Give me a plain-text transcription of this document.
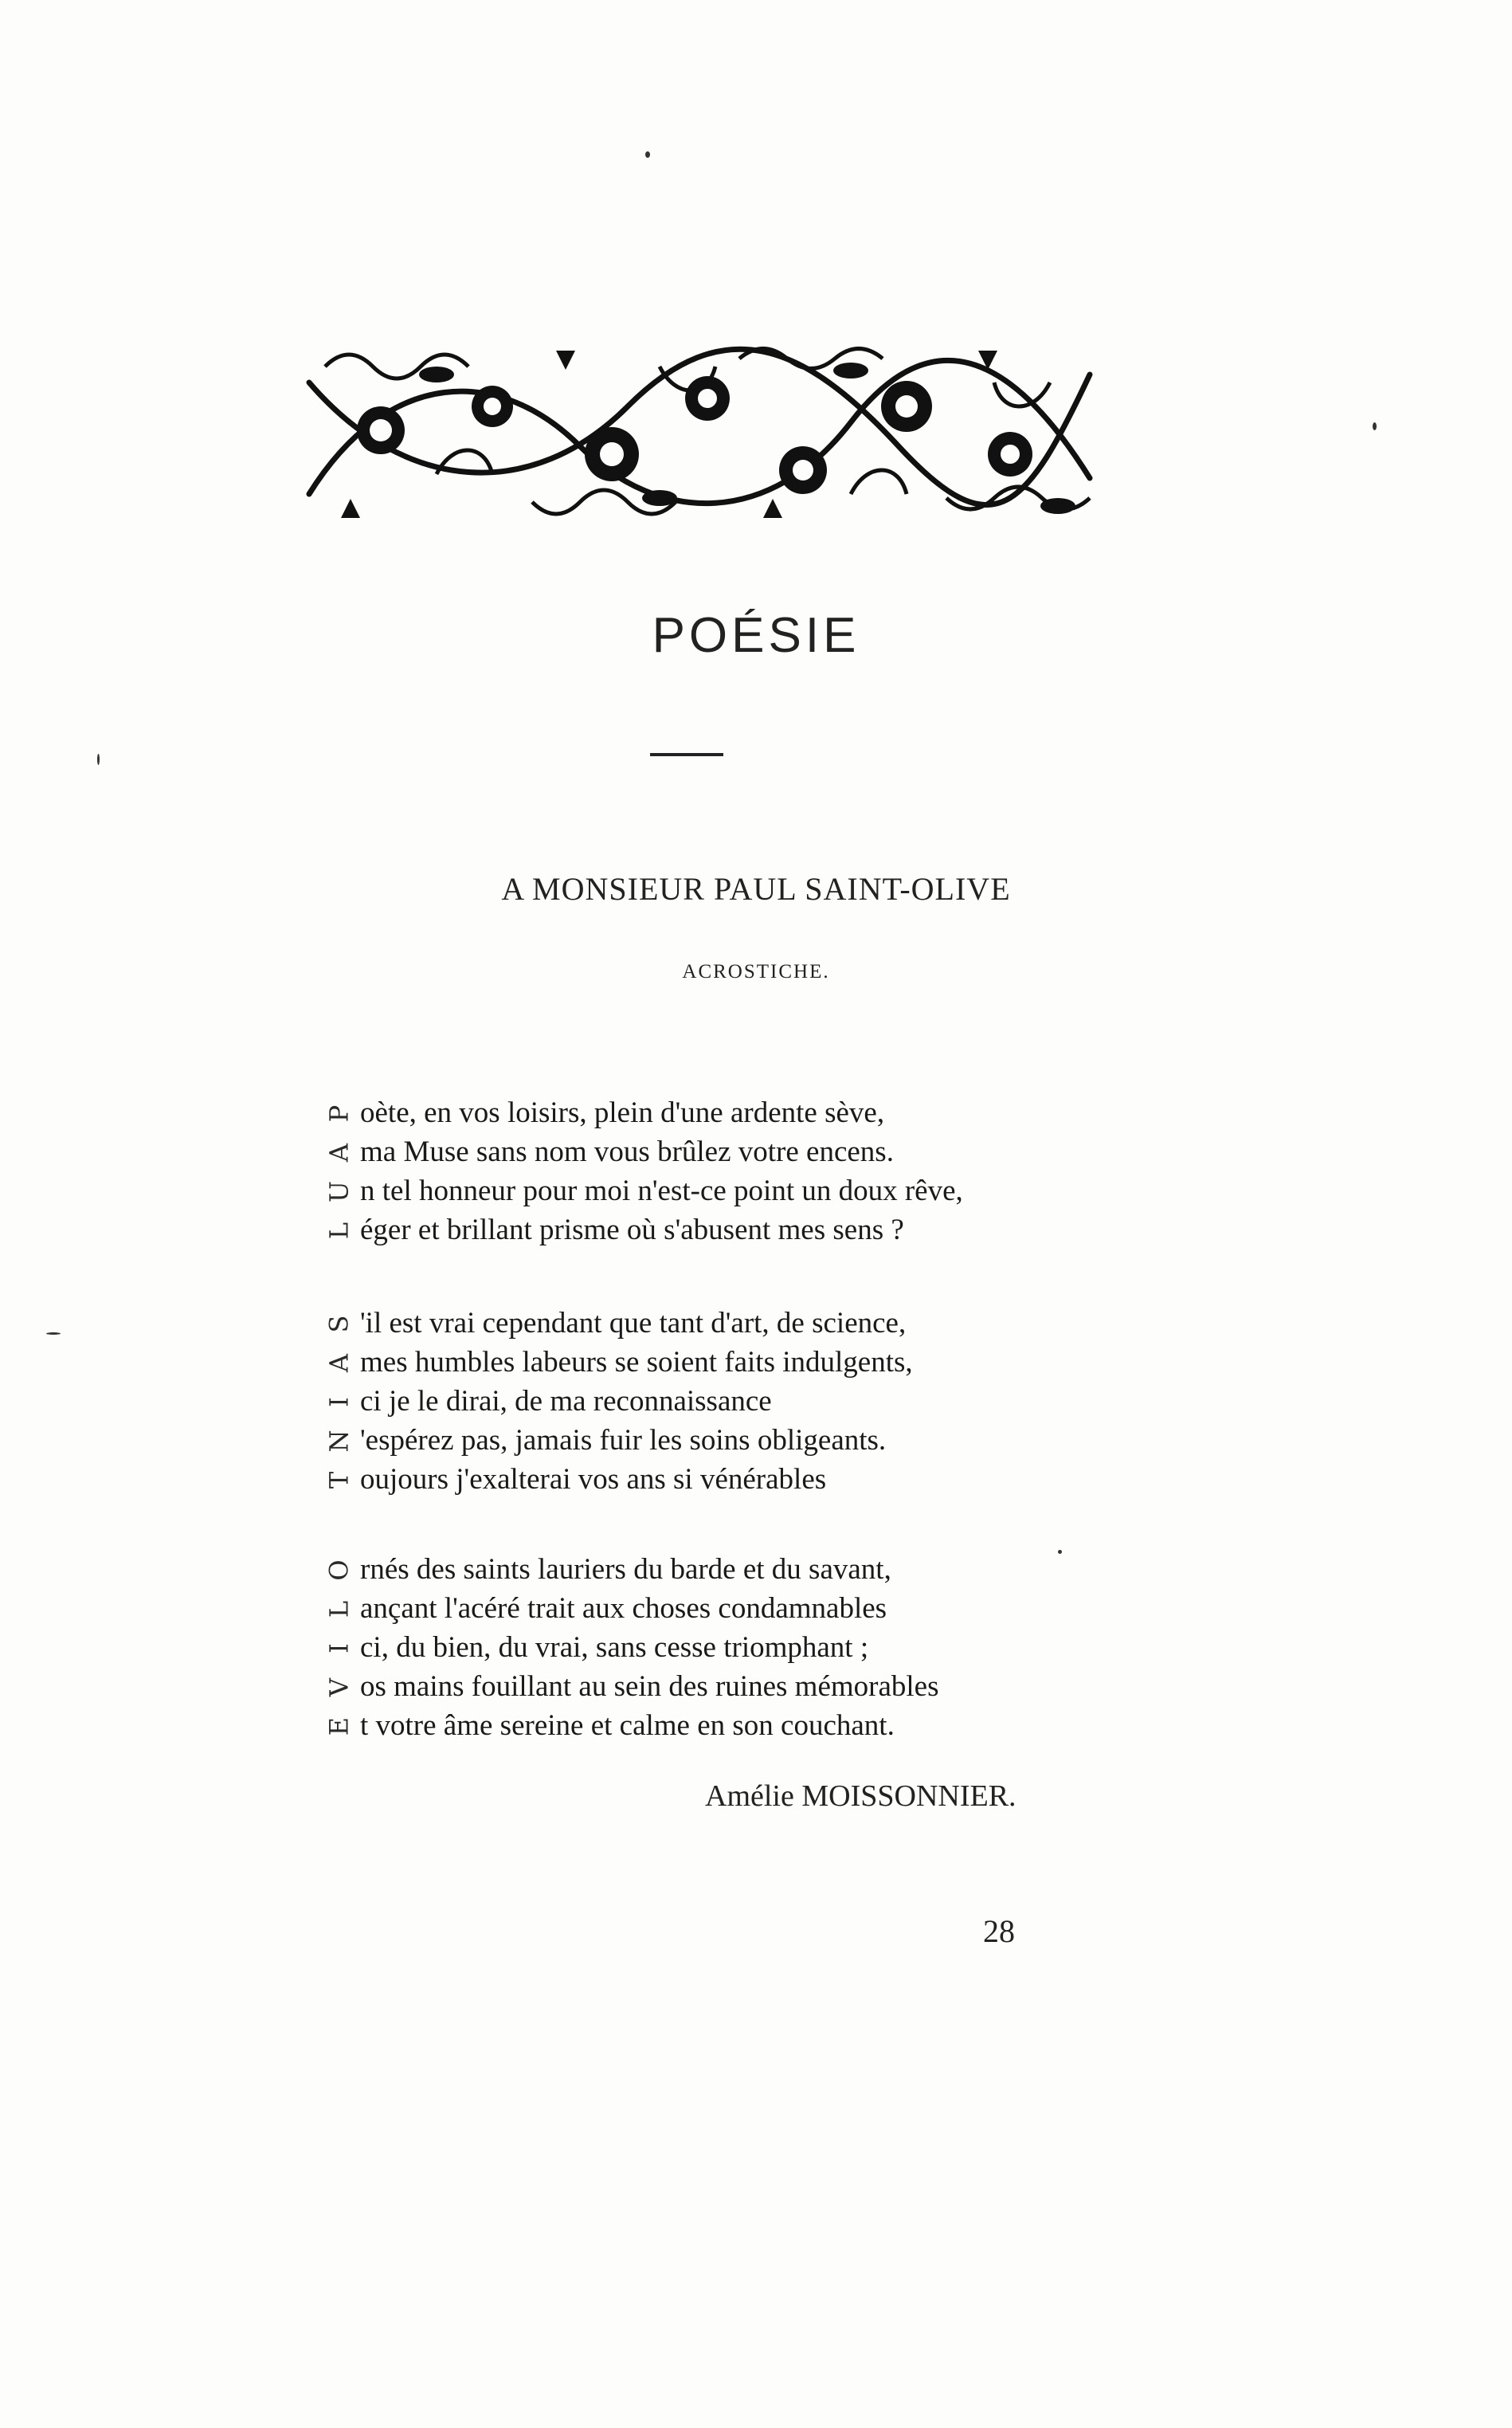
POÉSIE
A MONSIEUR PAUL SAINT-OLIVE
ACROSTICHE.
P oète, en vos loisirs, plein d'une ardente sève,
A ma Muse sans nom vous brûlez votre encens.
U n tel honneur pour moi n'est-ce point un doux rêve,
L éger et brillant prisme où s'abusent mes sens ?
S 'il est vrai cependant que tant d'art, de science,
A mes humbles labeurs se soient faits indulgents,
I ci je le dirai, de ma reconnaissance
N 'espérez pas, jamais fuir les soins obligeants.
T oujours j'exalterai vos ans si vénérables
O rnés des saints lauriers du barde et du savant,
L ançant l'acéré trait aux choses condamnables
I ci, du bien, du vrai, sans cesse triomphant ;
V os mains fouillant au sein des ruines mémorables
E t votre âme sereine et calme en son couchant.
Amélie MOISSONNIER.
28
